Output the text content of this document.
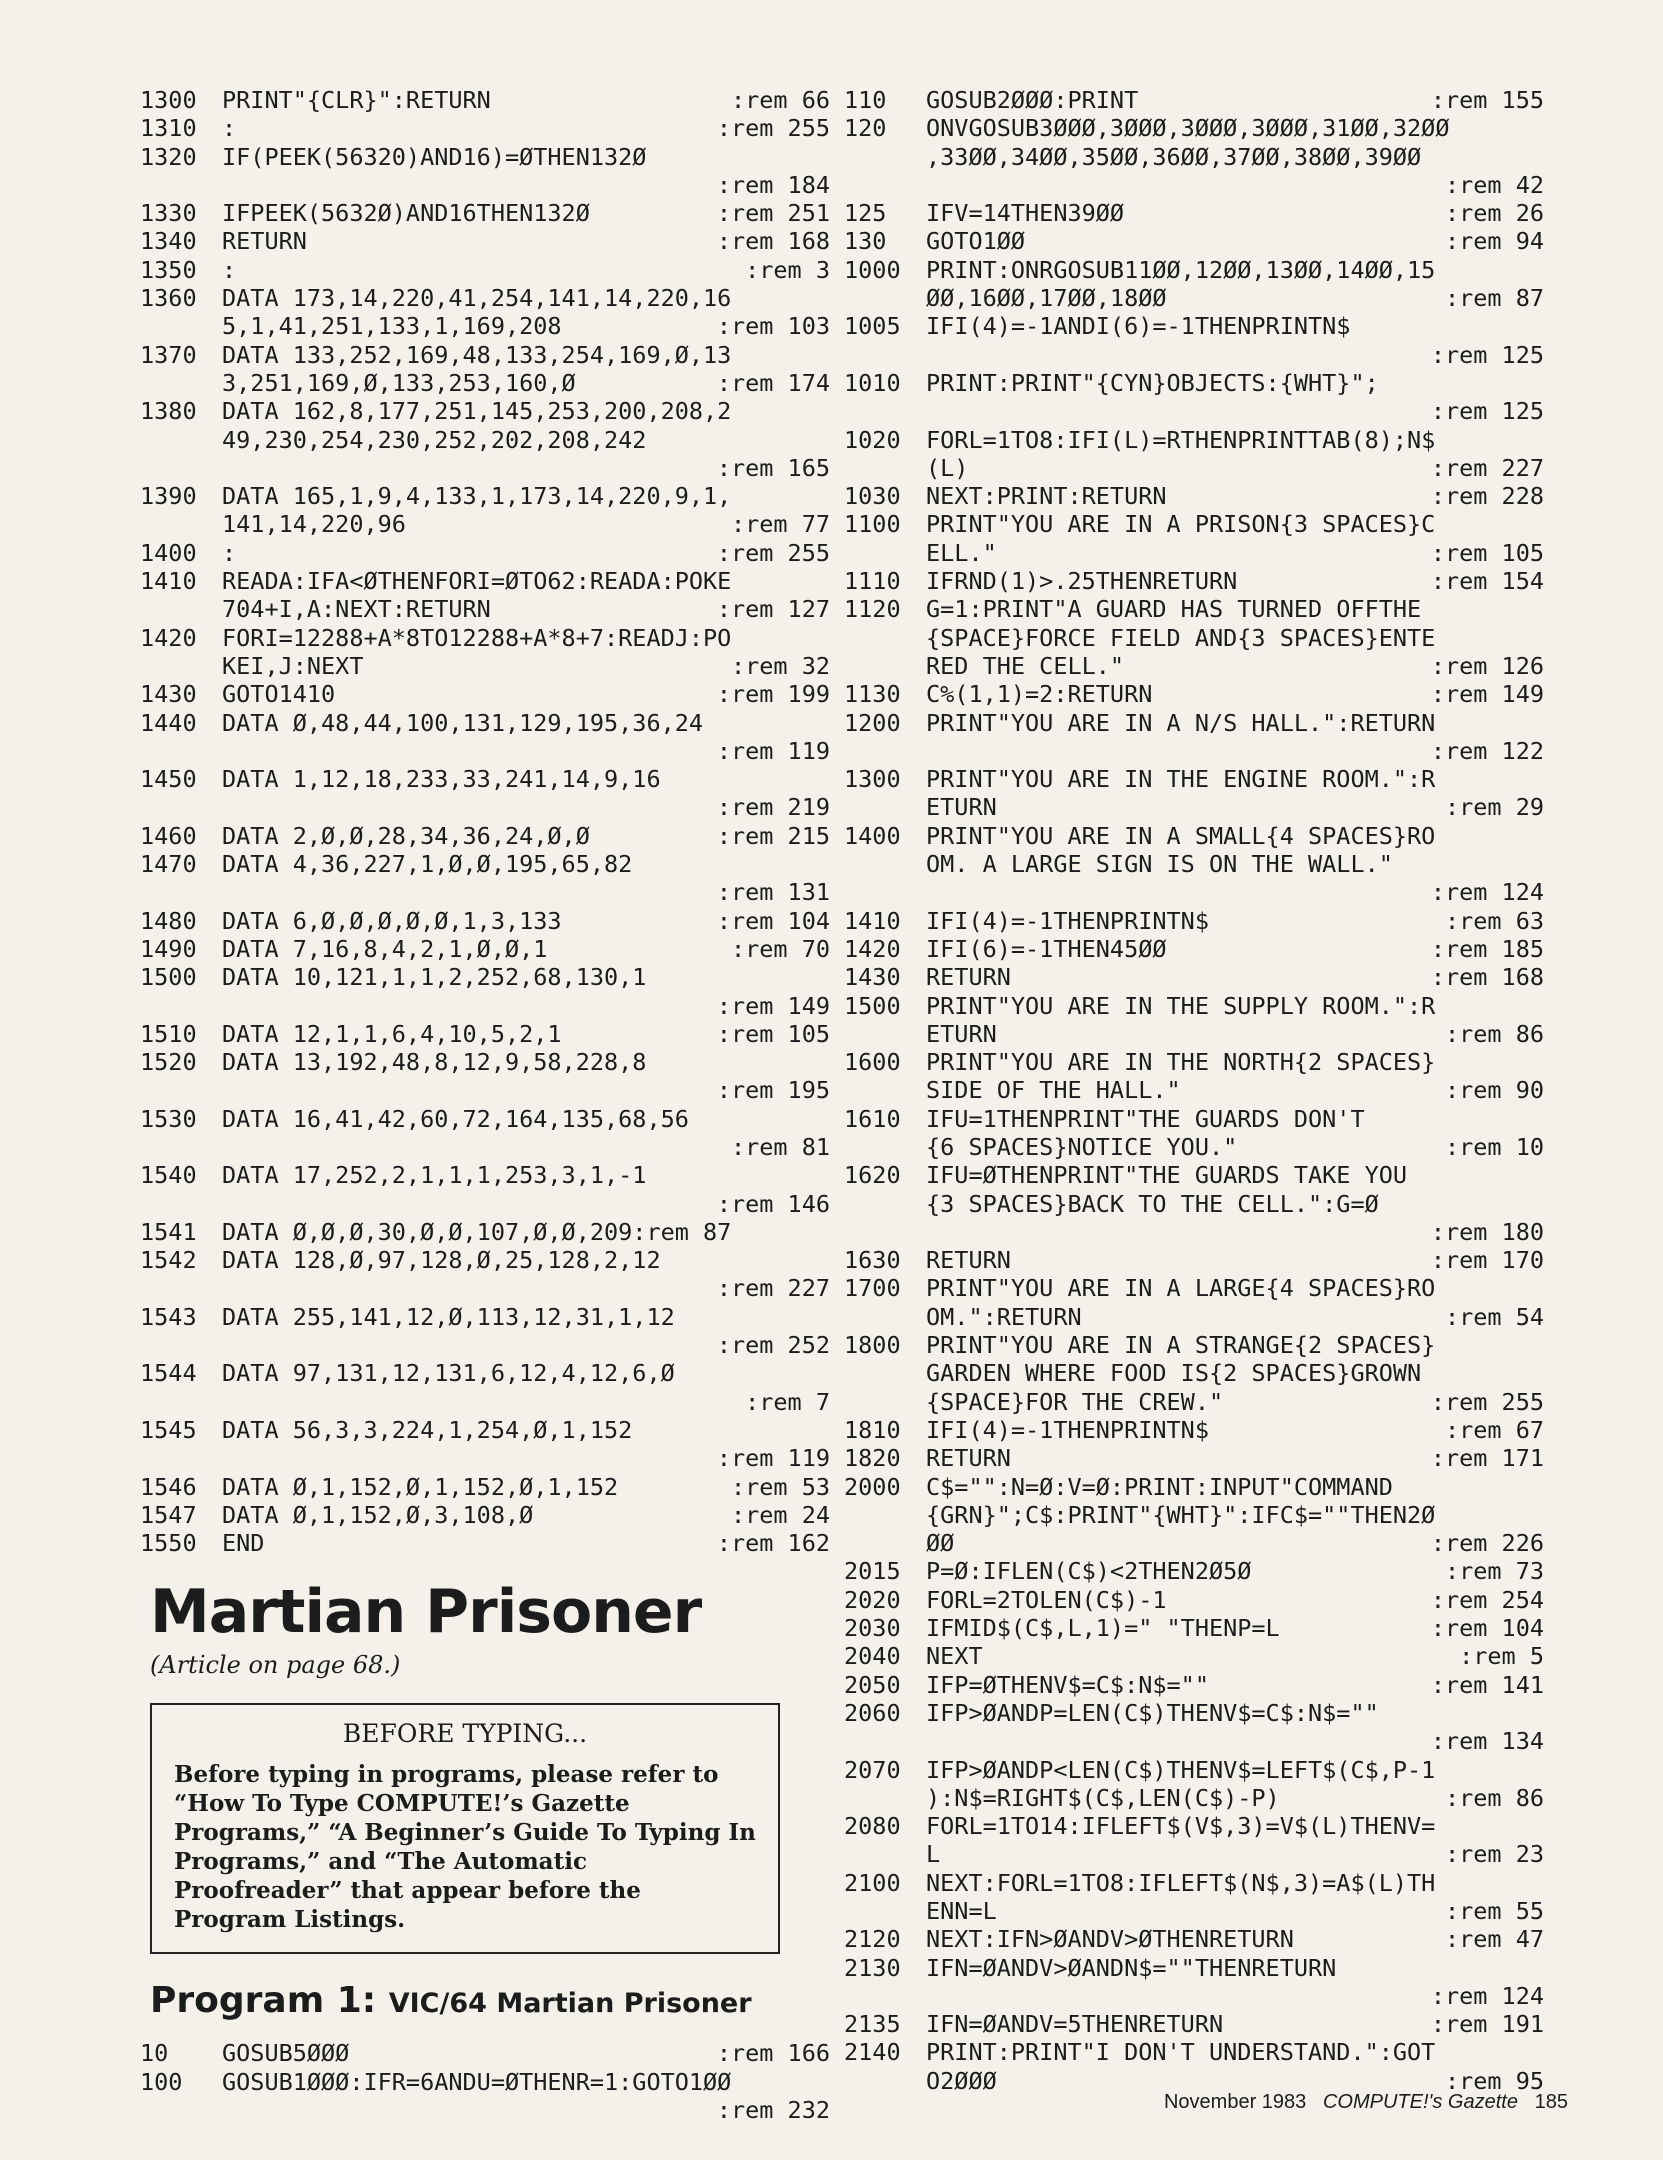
1300 PRINT"{CLR}":RETURN	:rem 66
1310 :	:rem 255
1320 IF(PEEK(56320)AND16)=ØTHEN132Ø
:rem 184
1330 IFPEEK(5632Ø)AND16THEN132Ø	:rem 251
1340 RETURN	:rem 168
1350 :	:rem 3
1360 DATA 173,14,220,41,254,141,14,220,16
5,1,41,251,133,1,169,208	:rem 103
1370 DATA 133,252,169,48,133,254,169,Ø,13
3,251,169,Ø,133,253,160,Ø	:rem 174
1380 DATA 162,8,177,251,145,253,200,208,2
49,230,254,230,252,202,208,242
:rem 165
1390 DATA 165,1,9,4,133,1,173,14,220,9,1,
141,14,220,96	:rem 77
1400 :	:rem 255
1410 READA:IFA<ØTHENFORI=ØTO62:READA:POKE
704+I,A:NEXT:RETURN	:rem 127
1420 FORI=12288+A*8TO12288+A*8+7:READJ:PO
KEI,J:NEXT	:rem 32
1430 GOTO1410	:rem 199
1440 DATA Ø,48,44,100,131,129,195,36,24
:rem 119
1450 DATA 1,12,18,233,33,241,14,9,16
:rem 219
1460 DATA 2,Ø,Ø,28,34,36,24,Ø,Ø	:rem 215
1470 DATA 4,36,227,1,Ø,Ø,195,65,82
:rem 131
1480 DATA 6,Ø,Ø,Ø,Ø,Ø,1,3,133	:rem 104
1490 DATA 7,16,8,4,2,1,Ø,Ø,1	:rem 70
1500 DATA 10,121,1,1,2,252,68,130,1
:rem 149
1510 DATA 12,1,1,6,4,10,5,2,1	:rem 105
1520 DATA 13,192,48,8,12,9,58,228,8
:rem 195
1530 DATA 16,41,42,60,72,164,135,68,56
:rem 81
1540 DATA 17,252,2,1,1,1,253,3,1,-1
:rem 146
1541 DATA Ø,Ø,Ø,30,Ø,Ø,107,Ø,Ø,209:rem 87
1542 DATA 128,Ø,97,128,Ø,25,128,2,12
:rem 227
1543 DATA 255,141,12,Ø,113,12,31,1,12
:rem 252
1544 DATA 97,131,12,131,6,12,4,12,6,Ø
:rem 7
1545 DATA 56,3,3,224,1,254,Ø,1,152
:rem 119
1546 DATA Ø,1,152,Ø,1,152,Ø,1,152	:rem 53
1547 DATA Ø,1,152,Ø,3,108,Ø	:rem 24
1550 END	:rem 162
Martian Prisoner
(Article on page 68.)
BEFORE TYPING...
Before typing in programs, please refer to “How To Type COMPUTE!’s Gazette Programs,” “A Beginner’s Guide To Typing In Programs,” and “The Automatic Proofreader” that appear before the Program Listings.
Program 1: VIC/64 Martian Prisoner
10 GOSUB5ØØØ	:rem 166
100 GOSUB1ØØØ:IFR=6ANDU=ØTHENR=1:GOTO1ØØ
:rem 232
110 GOSUB2ØØØ:PRINT	:rem 155
120 ONVGOSUB3ØØØ,3ØØØ,3ØØØ,3ØØØ,31ØØ,32ØØ
,33ØØ,34ØØ,35ØØ,36ØØ,37ØØ,38ØØ,39ØØ
:rem 42
125 IFV=14THEN39ØØ	:rem 26
130 GOTO1ØØ	:rem 94
1000 PRINT:ONRGOSUB11ØØ,12ØØ,13ØØ,14ØØ,15
ØØ,16ØØ,17ØØ,18ØØ	:rem 87
1005 IFI(4)=-1ANDI(6)=-1THENPRINTN$
:rem 125
1010 PRINT:PRINT"{CYN}OBJECTS:{WHT}";
:rem 125
1020 FORL=1TO8:IFI(L)=RTHENPRINTTAB(8);N$
(L)	:rem 227
1030 NEXT:PRINT:RETURN	:rem 228
1100 PRINT"YOU ARE IN A PRISON{3 SPACES}C
ELL."	:rem 105
1110 IFRND(1)>.25THENRETURN	:rem 154
1120 G=1:PRINT"A GUARD HAS TURNED OFFTHE
{SPACE}FORCE FIELD AND{3 SPACES}ENTE
RED THE CELL."	:rem 126
1130 C%(1,1)=2:RETURN	:rem 149
1200 PRINT"YOU ARE IN A N/S HALL.":RETURN
:rem 122
1300 PRINT"YOU ARE IN THE ENGINE ROOM.":R
ETURN	:rem 29
1400 PRINT"YOU ARE IN A SMALL{4 SPACES}RO
OM. A LARGE SIGN IS ON THE WALL."
:rem 124
1410 IFI(4)=-1THENPRINTN$	:rem 63
1420 IFI(6)=-1THEN45ØØ	:rem 185
1430 RETURN	:rem 168
1500 PRINT"YOU ARE IN THE SUPPLY ROOM.":R
ETURN	:rem 86
1600 PRINT"YOU ARE IN THE NORTH{2 SPACES}
SIDE OF THE HALL."	:rem 90
1610 IFU=1THENPRINT"THE GUARDS DON'T
{6 SPACES}NOTICE YOU."	:rem 10
1620 IFU=ØTHENPRINT"THE GUARDS TAKE YOU
{3 SPACES}BACK TO THE CELL.":G=Ø
:rem 180
1630 RETURN	:rem 170
1700 PRINT"YOU ARE IN A LARGE{4 SPACES}RO
OM.":RETURN	:rem 54
1800 PRINT"YOU ARE IN A STRANGE{2 SPACES}
GARDEN WHERE FOOD IS{2 SPACES}GROWN
{SPACE}FOR THE CREW."	:rem 255
1810 IFI(4)=-1THENPRINTN$	:rem 67
1820 RETURN	:rem 171
2000 C$="":N=Ø:V=Ø:PRINT:INPUT"COMMAND
{GRN}";C$:PRINT"{WHT}":IFC$=""THEN2Ø
ØØ	:rem 226
2015 P=Ø:IFLEN(C$)<2THEN2Ø5Ø	:rem 73
2020 FORL=2TOLEN(C$)-1	:rem 254
2030 IFMID$(C$,L,1)=" "THENP=L	:rem 104
2040 NEXT	:rem 5
2050 IFP=ØTHENV$=C$:N$=""	:rem 141
2060 IFP>ØANDP=LEN(C$)THENV$=C$:N$=""
:rem 134
2070 IFP>ØANDP<LEN(C$)THENV$=LEFT$(C$,P-1
):N$=RIGHT$(C$,LEN(C$)-P)	:rem 86
2080 FORL=1TO14:IFLEFT$(V$,3)=V$(L)THENV=
L	:rem 23
2100 NEXT:FORL=1TO8:IFLEFT$(N$,3)=A$(L)TH
ENN=L	:rem 55
2120 NEXT:IFN>ØANDV>ØTHENRETURN	:rem 47
2130 IFN=ØANDV>ØANDN$=""THENRETURN
:rem 124
2135 IFN=ØANDV=5THENRETURN	:rem 191
2140 PRINT:PRINT"I DON'T UNDERSTAND.":GOT
O2ØØØ	:rem 95
November 1983 COMPUTE!'s Gazette 185
